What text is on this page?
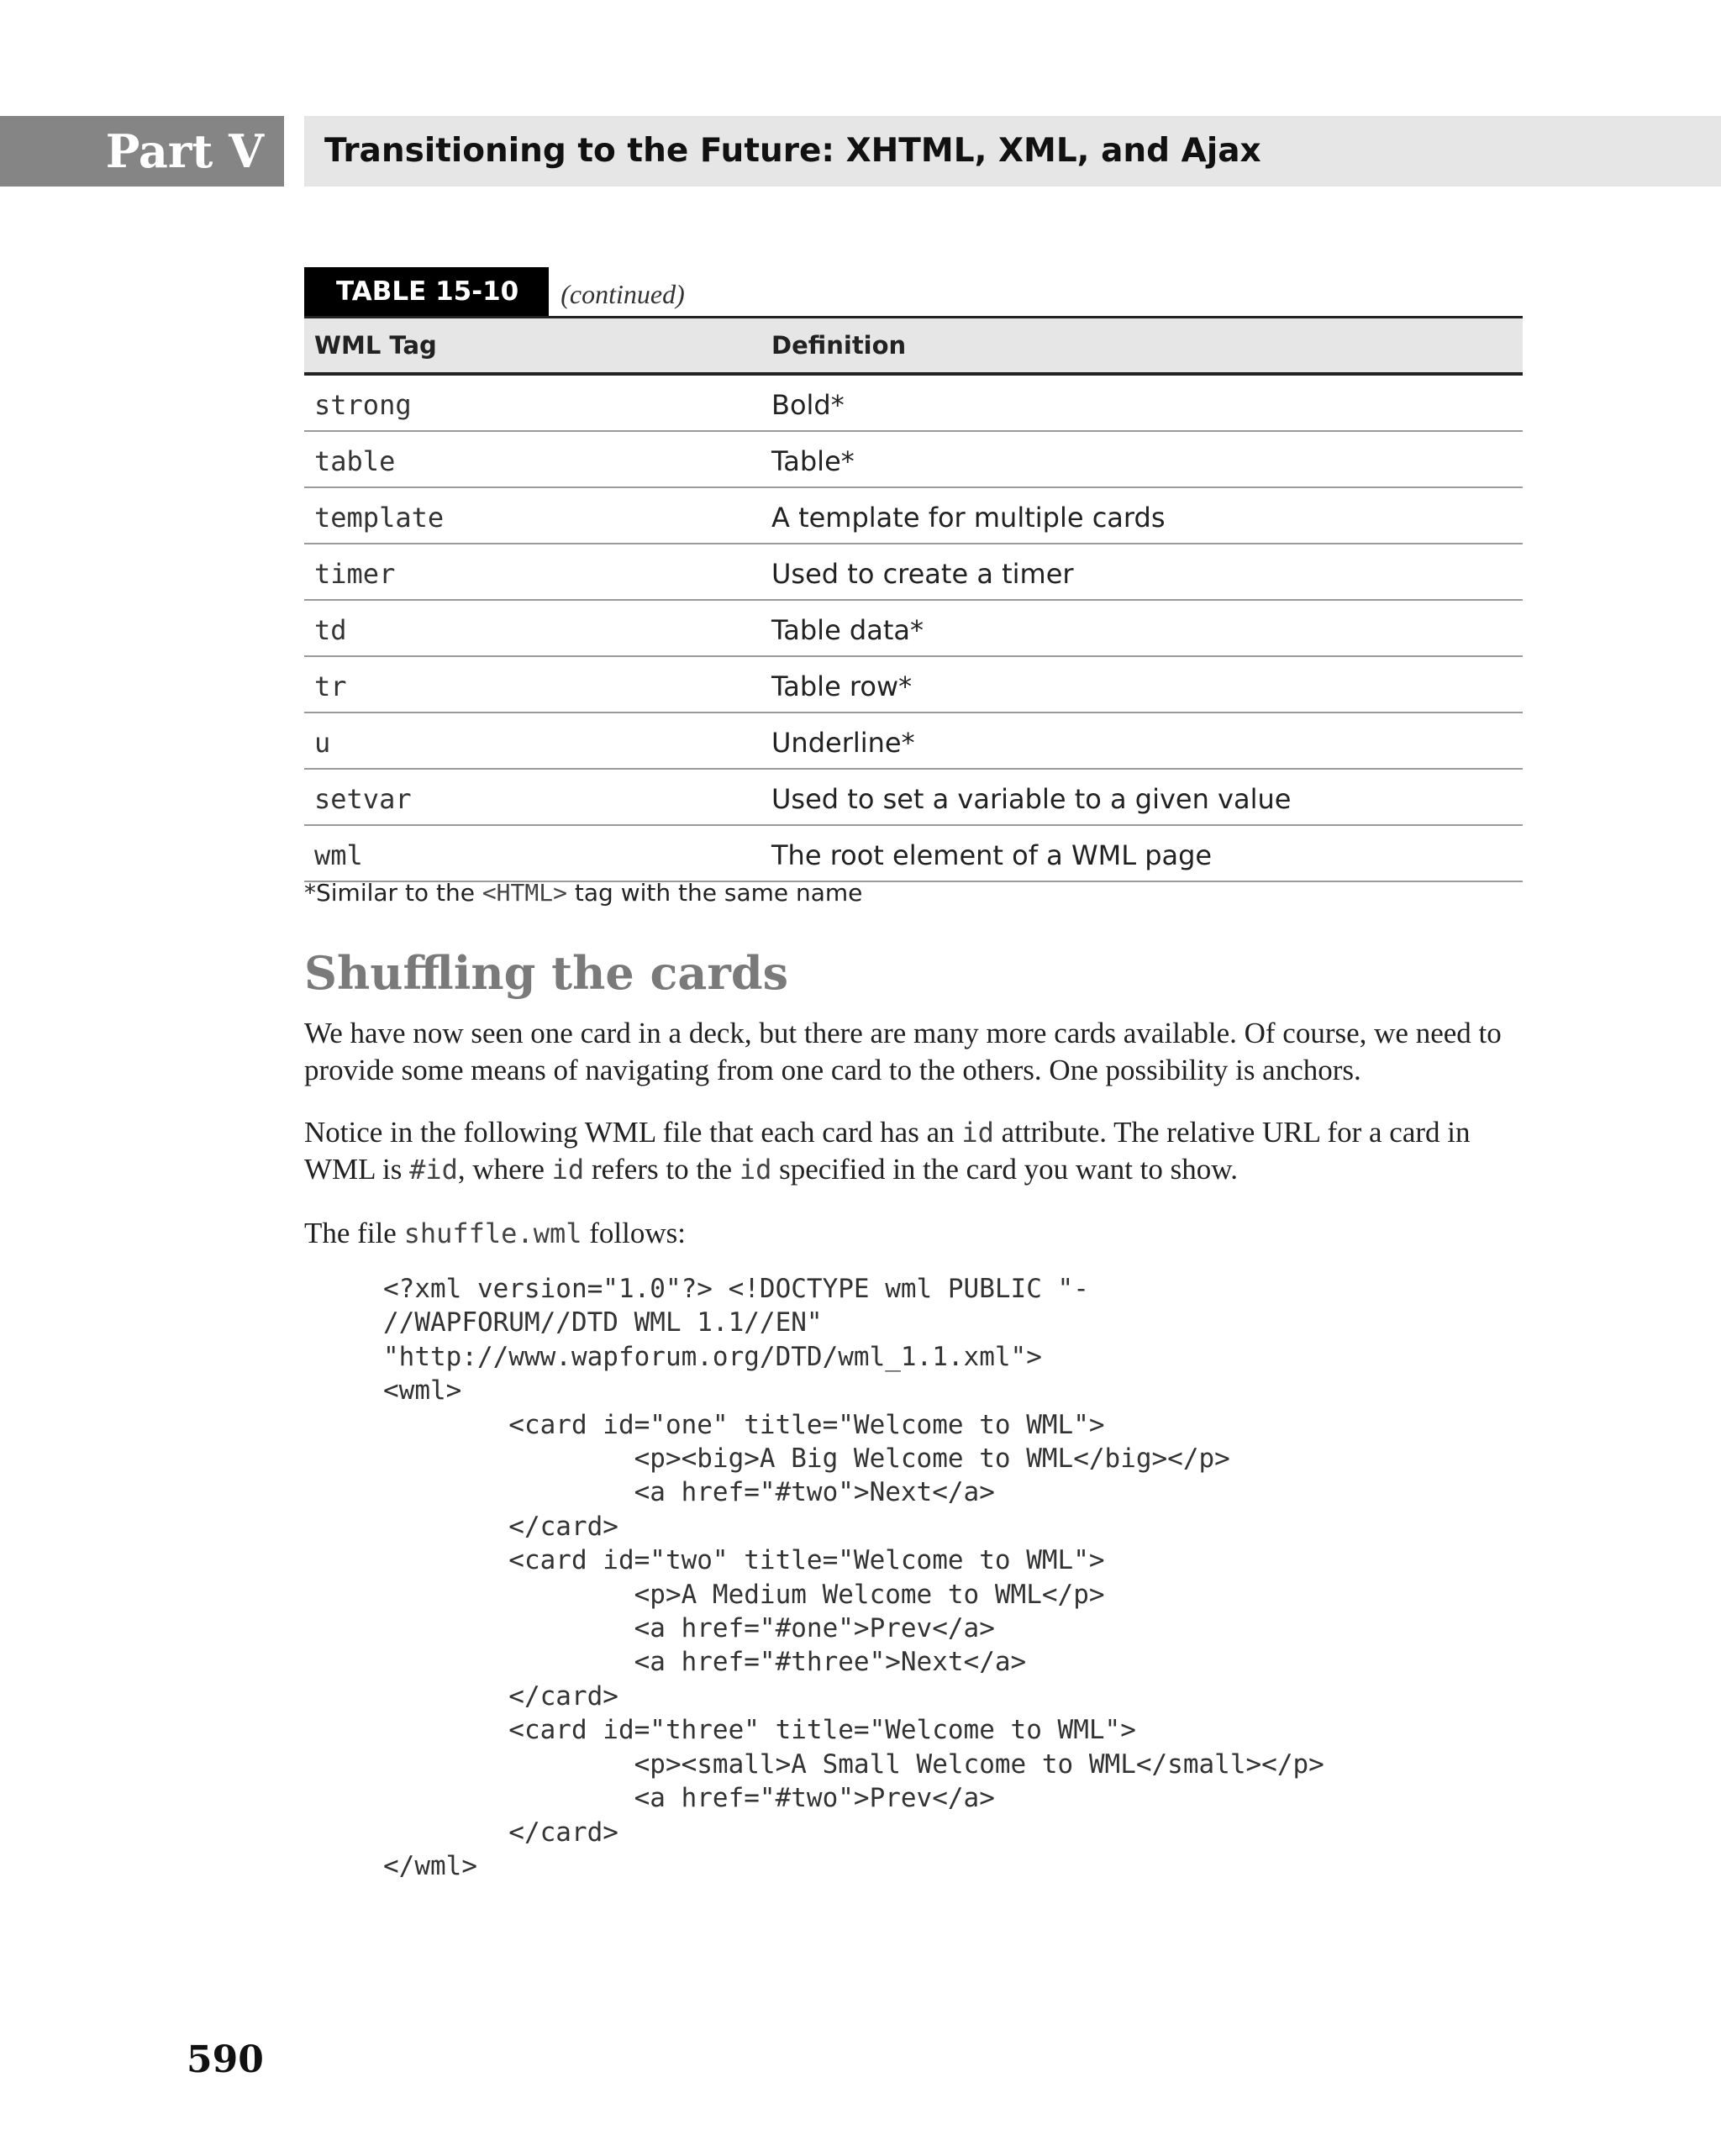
Part V	Transitioning to the Future: XHTML, XML, and Ajax
TABLE 15-10 (continued)
WML Tag	Definition
strong	Bold*
table	Table*
template	A template for multiple cards
timer	Used to create a timer
td	Table data*
tr	Table row*
u	Underline*
setvar	Used to set a variable to a given value
wml	The root element of a WML page
*Similar to the <HTML> tag with the same name
Shuffling the cards

We have now seen one card in a deck, but there are many more cards available. Of course, we need to provide some means of navigating from one card to the others. One possibility is anchors.

Notice in the following WML file that each card has an id attribute. The relative URL for a card in WML is #id, where id refers to the id specified in the card you want to show.

The file shuffle.wml follows:

<?xml version="1.0"?> <!DOCTYPE wml PUBLIC "-
//WAPFORUM//DTD WML 1.1//EN"
"http://www.wapforum.org/DTD/wml_1.1.xml">
<wml>
<card id="one" title="Welcome to WML">
<p><big>A Big Welcome to WML</big></p>
<a href="#two">Next</a>
</card>
<card id="two" title="Welcome to WML">
<p>A Medium Welcome to WML</p>
<a href="#one">Prev</a>
<a href="#three">Next</a>
</card>
<card id="three" title="Welcome to WML">
<p><small>A Small Welcome to WML</small></p>
<a href="#two">Prev</a>
</card>
</wml>
590
